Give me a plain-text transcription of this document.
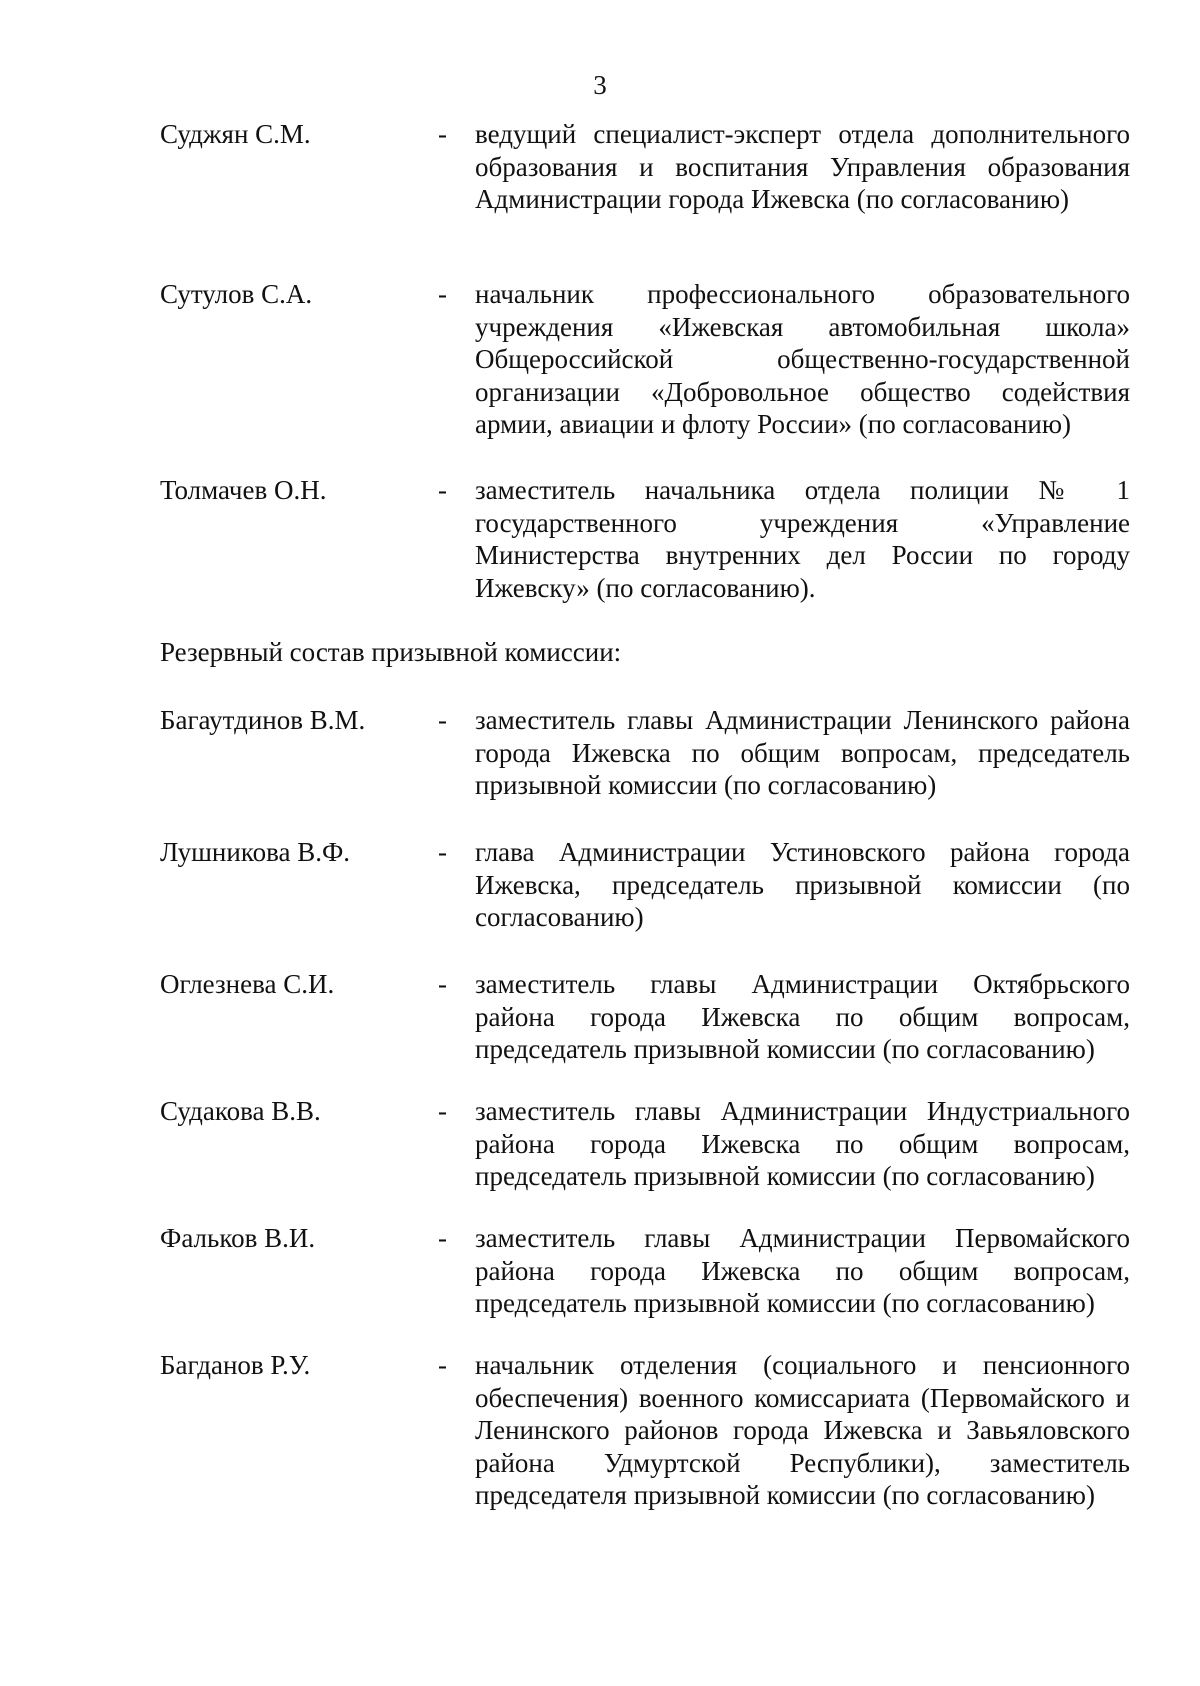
3
Суджян С.М.	- ведущий специалист-эксперт отдела дополнительного образования и воспитания Управления образования Администрации города Ижевска (по согласованию)
Сутулов С.А.	- начальник профессионального образовательного учреждения «Ижевская автомобильная школа» Общероссийской общественно-государственной организации «Добровольное общество содействия армии, авиации и флоту России» (по согласованию)
Толмачев О.Н.	- заместитель начальника отдела полиции № 1 государственного учреждения «Управление Министерства внутренних дел России по городу Ижевску» (по согласованию).
Резервный состав призывной комиссии:
Багаутдинов В.М.	- заместитель главы Администрации Ленинского района города Ижевска по общим вопросам, председатель призывной комиссии (по согласованию)
Лушникова В.Ф.	- глава Администрации Устиновского района города Ижевска, председатель призывной комиссии (по согласованию)
Оглезнева С.И.	- заместитель главы Администрации Октябрьского района города Ижевска по общим вопросам, председатель призывной комиссии (по согласованию)
Судакова В.В.	- заместитель главы Администрации Индустриального района города Ижевска по общим вопросам, председатель призывной комиссии (по согласованию)
Фальков В.И.	- заместитель главы Администрации Первомайского района города Ижевска по общим вопросам, председатель призывной комиссии (по согласованию)
Багданов Р.У.	- начальник отделения (социального и пенсионного обеспечения) военного комиссариата (Первомайского и Ленинского районов города Ижевска и Завьяловского района Удмуртской Республики), заместитель председателя призывной комиссии (по согласованию)
